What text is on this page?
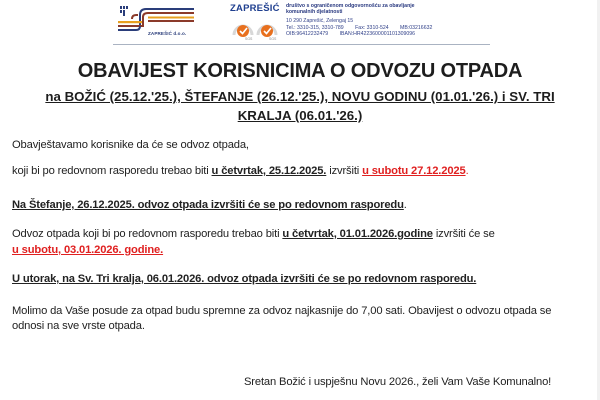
ZAPREŠIĆ d.o.o.
ZAPREŠIĆ
SGS	SGS
društvo s ograničenom odgovornošću za obavljanje
komunalnih djelatnosti
10 290 Zaprešić, Zelengaj 15
Tel.: 3310-315, 3310-789 Fax: 3310-524 MB:03216632
OIB:96412232479 IBAN:HR4223600001101309096
OBAVIJEST KORISNICIMA O ODVOZU OTPADA
na BOŽIĆ (25.12.'25.), ŠTEFANJE (26.12.'25.), NOVU GODINU (01.01.'26.) i SV. TRI KRALJA (06.01.'26.)
Obavještavamo korisnike da će se odvoz otpada,
koji bi po redovnom rasporedu trebao biti u četvrtak, 25.12.2025. izvršiti u subotu 27.12.2025.
Na Štefanje, 26.12.2025. odvoz otpada izvršiti će se po redovnom rasporedu.
Odvoz otpada koji bi po redovnom rasporedu trebao biti u četvrtak, 01.01.2026.godine izvršiti će se
u subotu, 03.01.2026. godine.
U utorak, na Sv. Tri kralja, 06.01.2026. odvoz otpada izvršiti će se po redovnom rasporedu.
Molimo da Vaše posude za otpad budu spremne za odvoz najkasnije do 7,00 sati. Obavijest o odvozu otpada se
odnosi na sve vrste otpada.
Sretan Božić i uspješnu Novu 2026., želi Vam Vaše Komunalno!
